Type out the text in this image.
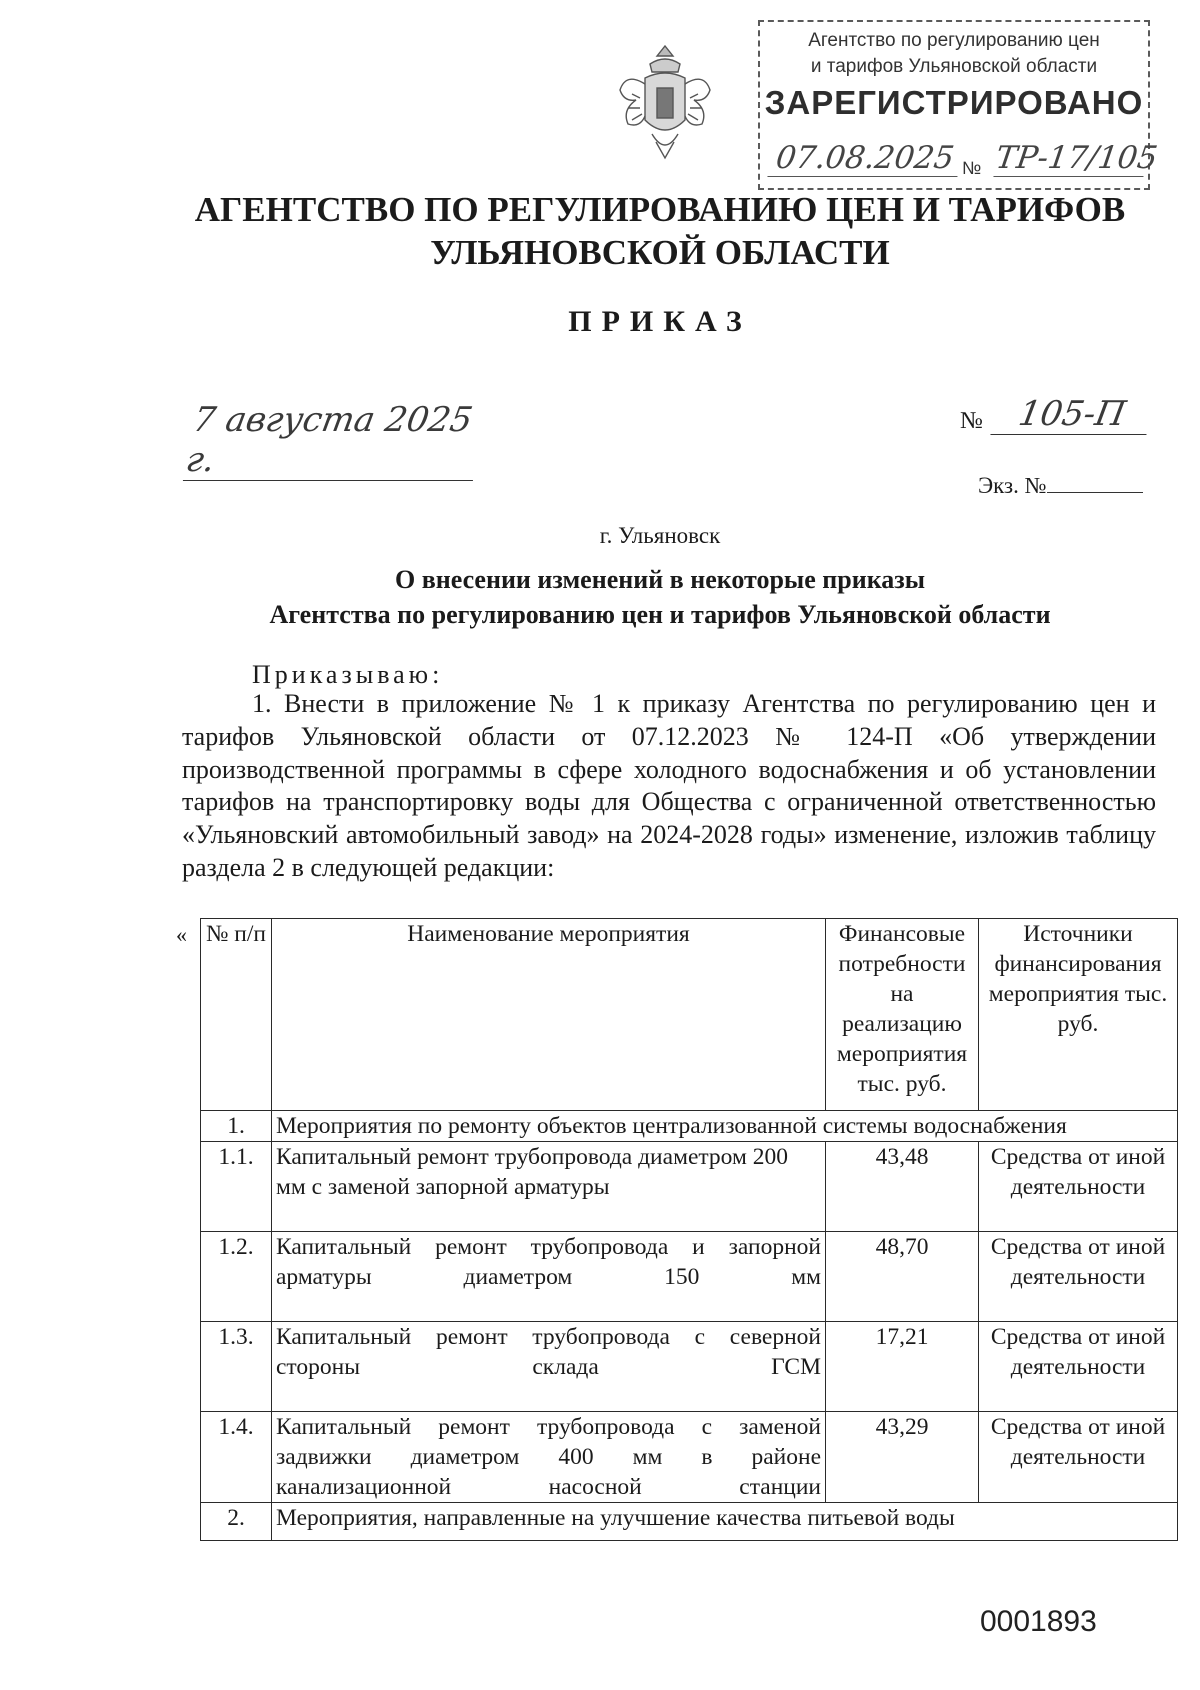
Агентство по регулированию цен
и тарифов Ульяновской области
ЗАРЕГИСТРИРОВАНО
07.08.2025 № ТР-17/105
АГЕНТСТВО ПО РЕГУЛИРОВАНИЮ ЦЕН И ТАРИФОВ
УЛЬЯНОВСКОЙ ОБЛАСТИ
ПРИКАЗ
7 августа 2025 г.
№ 105-П
Экз. №
г. Ульяновск
О внесении изменений в некоторые приказы
Агентства по регулированию цен и тарифов Ульяновской области
Приказываю:
1. Внести в приложение № 1 к приказу Агентства по регулированию цен и тарифов Ульяновской области от 07.12.2023 № 124-П «Об утверждении производственной программы в сфере холодного водоснабжения и об установлении тарифов на транспортировку воды для Общества с ограниченной ответственностью «Ульяновский автомобильный завод» на 2024-2028 годы» изменение, изложив таблицу раздела 2 в следующей редакции:
« № п/п	Наименование мероприятия	Финансовые потребности на реализацию мероприятия тыс. руб.	Источники финансирования мероприятия тыс. руб.
1.	Мероприятия по ремонту объектов централизованной системы водоснабжения		
1.1.	Капитальный ремонт трубопровода диаметром 200 мм с заменой запорной арматуры	43,48	Средства от иной деятельности
1.2.	Капитальный ремонт трубопровода и запорной арматуры диаметром 150 мм	48,70	Средства от иной деятельности
1.3.	Капитальный ремонт трубопровода с северной стороны склада ГСМ	17,21	Средства от иной деятельности
1.4.	Капитальный ремонт трубопровода с заменой задвижки диаметром 400 мм в районе канализационной насосной станции	43,29	Средства от иной деятельности
2.	Мероприятия, направленные на улучшение качества питьевой воды		
0001893
